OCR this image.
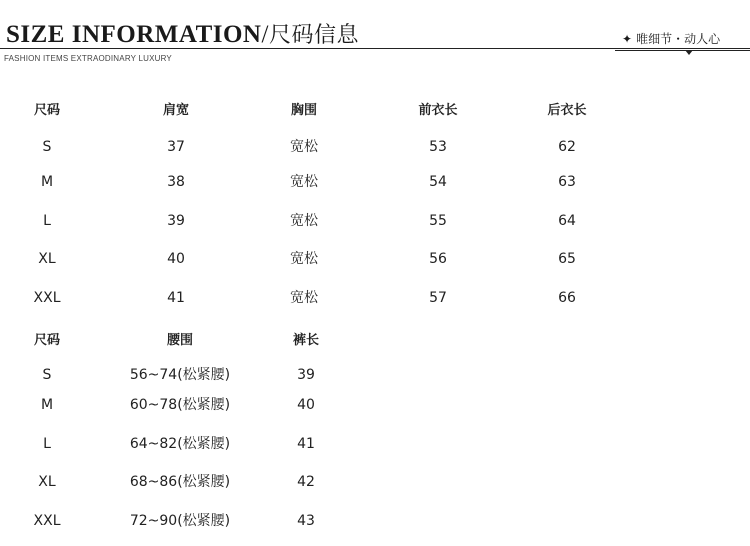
SIZE INFORMATION/尺码信息
FASHION ITEMS EXTRAODINARY LUXURY
✦ 唯细节・动人心
尺码	肩宽	胸围	前衣长	后衣长
S	37	宽松	53	62
M	38	宽松	54	63
L	39	宽松	55	64
XL	40	宽松	56	65
XXL	41	宽松	57	66
尺码	腰围	裤长
S	56~74(松紧腰)	39
M	60~78(松紧腰)	40
L	64~82(松紧腰)	41
XL	68~86(松紧腰)	42
XXL	72~90(松紧腰)	43
